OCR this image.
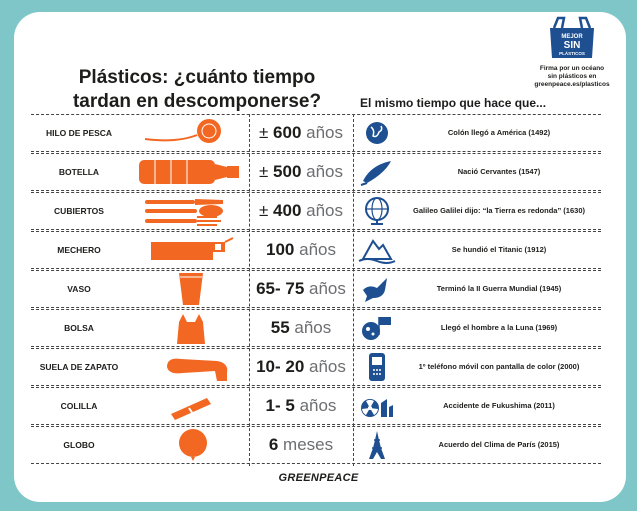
Plásticos: ¿cuánto tiempo
tardan en descomponerse?
MEJOR
SIN
PLÁSTICOS
Firma por un océano
sin plásticos en
greenpeace.es/plasticos
El mismo tiempo que hace que...
HILO DE PESCA	± 600 años	Colón llegó a América (1492)
BOTELLA	± 500 años	Nació Cervantes (1547)
CUBIERTOS	± 400 años	Galileo Galilei dijo: “la Tierra es redonda” (1630)
MECHERO	100 años	Se hundió el Titanic (1912)
VASO	65- 75 años	Terminó la II Guerra Mundial (1945)
BOLSA	55 años	Llegó el hombre a la Luna (1969)
SUELA DE ZAPATO	10- 20 años	1º teléfono móvil con pantalla de color (2000)
COLILLA	1- 5 años	Accidente de Fukushima (2011)
GLOBO	6 meses	Acuerdo del Clima de París (2015)
GREENPEACE
